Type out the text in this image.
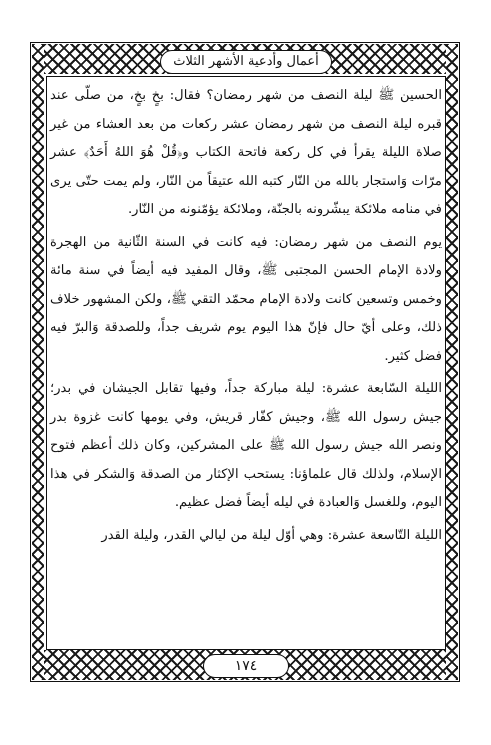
أعمال وأدعية الأشهر الثلاث

الحسين ﷺ ليلة النصف من شهر رمضان؟ فقال: بخٍ بخٍ، من صلّى عند قبره ليلة النصف من شهر رمضان عشر ركعات من بعد العشاء من غير صلاة الليلة يقرأ في كل ركعة فاتحة الكتاب و﴿قُلْ هُوَ اللهُ أَحَدٌ﴾ عشر مرّات وَاستجار بالله من النّار كتبه الله عتيقاً من النّار، ولم يمت حتّى يرى في منامه ملائكة يبشّرونه بالجنّة، وملائكة يؤمّنونه من النّار.

يوم النصف من شهر رمضان: فيه كانت في السنة الثّانية من الهجرة ولادة الإمام الحسن المجتبى ﷺ، وقال المفيد فيه أيضاً في سنة مائة وخمس وتسعين كانت ولادة الإمام محمّد التقي ﷺ، ولكن المشهور خلاف ذلك، وعلى أيّ حال فإنّ هذا اليوم يوم شريف جداً، وللصدقة وَالبرّ فيه فضل كثير.

الليلة السّابعة عشرة: ليلة مباركة جداً، وفيها تقابل الجيشان في بدر؛ جيش رسول الله ﷺ، وجيش كفّار قريش، وفي يومها كانت غزوة بدر ونصر الله جيش رسول الله ﷺ على المشركين، وكان ذلك أعظم فتوح الإسلام، ولذلك قال علماؤنا: يستحب الإكثار من الصدقة وَالشكر في هذا اليوم، وللغسل وَالعبادة في ليله أيضاً فضل عظيم.

الليلة التّاسعة عشرة: وهي أوّل ليلة من ليالي القدر، وليلة القدر

١٧٤
